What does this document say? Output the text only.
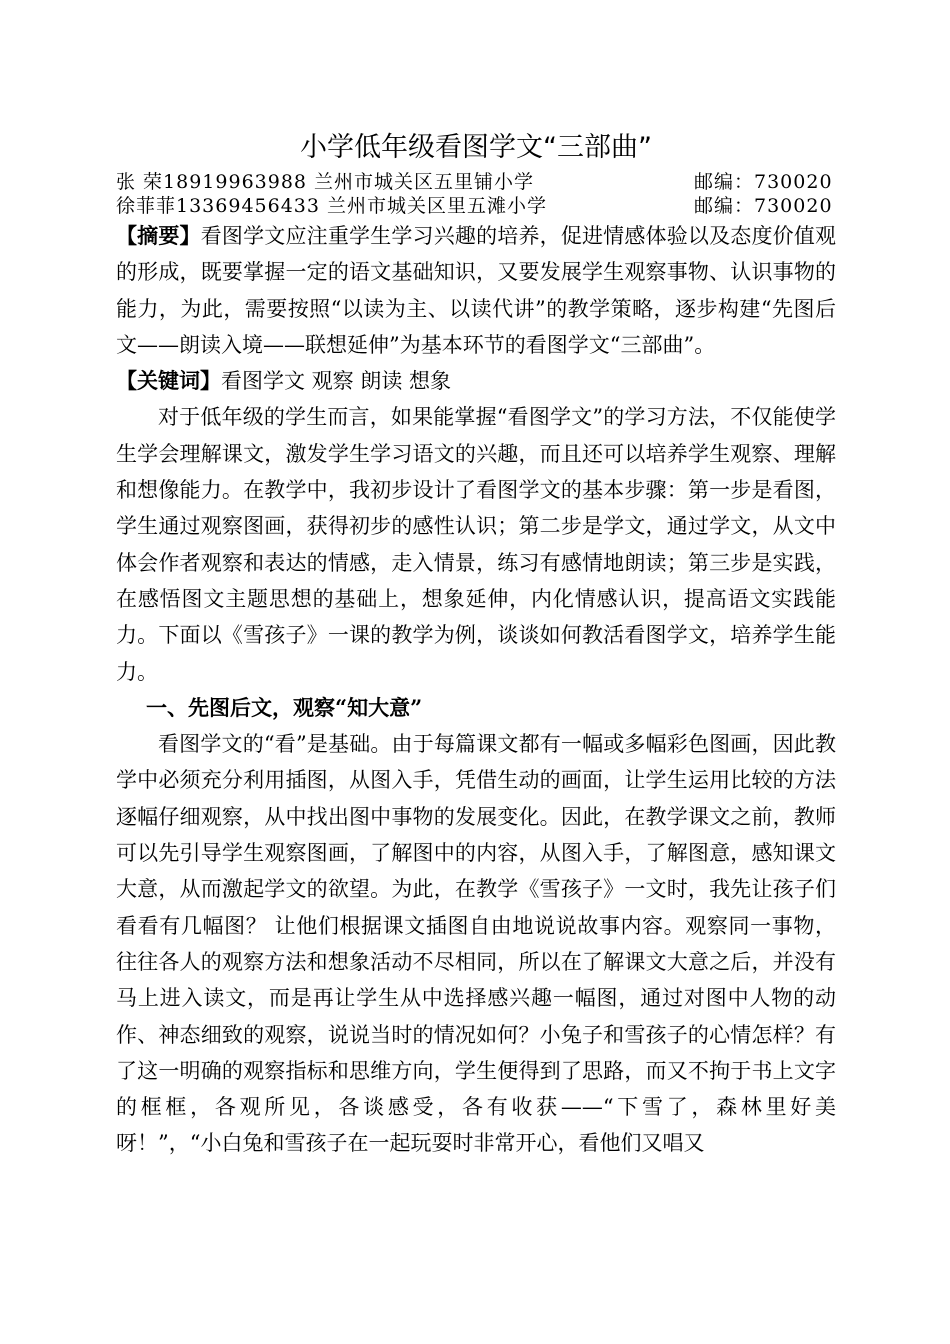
小学低年级看图学文“三部曲”
张 荣18919963988 兰州市城关区五里铺小学	邮编：730020
徐菲菲13369456433 兰州市城关区里五滩小学	邮编：730020

【摘要】看图学文应注重学生学习兴趣的培养，促进情感体验以及态度价值观的形成，既要掌握一定的语文基础知识，又要发展学生观察事物、认识事物的能力，为此，需要按照“以读为主、以读代讲”的教学策略，逐步构建“先图后文——朗读入境——联想延伸”为基本环节的看图学文“三部曲”。

【关键词】看图学文 观察 朗读 想象

对于低年级的学生而言，如果能掌握“看图学文”的学习方法，不仅能使学生学会理解课文，激发学生学习语文的兴趣，而且还可以培养学生观察、理解和想像能力。在教学中，我初步设计了看图学文的基本步骤：第一步是看图，学生通过观察图画，获得初步的感性认识；第二步是学文，通过学文，从文中体会作者观察和表达的情感，走入情景，练习有感情地朗读；第三步是实践，在感悟图文主题思想的基础上，想象延伸，内化情感认识，提高语文实践能力。下面以《雪孩子》一课的教学为例，谈谈如何教活看图学文，培养学生能力。

一、先图后文，观察“知大意”

看图学文的“看”是基础。由于每篇课文都有一幅或多幅彩色图画，因此教学中必须充分利用插图，从图入手，凭借生动的画面，让学生运用比较的方法逐幅仔细观察，从中找出图中事物的发展变化。因此，在教学课文之前，教师可以先引导学生观察图画，了解图中的内容，从图入手，了解图意，感知课文大意，从而激起学文的欲望。为此，在教学《雪孩子》一文时，我先让孩子们看看有几幅图？ 让他们根据课文插图自由地说说故事内容。观察同一事物，往往各人的观察方法和想象活动不尽相同，所以在了解课文大意之后，并没有马上进入读文，而是再让学生从中选择感兴趣一幅图，通过对图中人物的动作、神态细致的观察，说说当时的情况如何？小兔子和雪孩子的心情怎样？有了这一明确的观察指标和思维方向，学生便得到了思路，而又不拘于书上文字的框框，各观所见，各谈感受，各有收获——“下雪了，森林里好美呀！”，“小白兔和雪孩子在一起玩耍时非常开心，看他们又唱又
